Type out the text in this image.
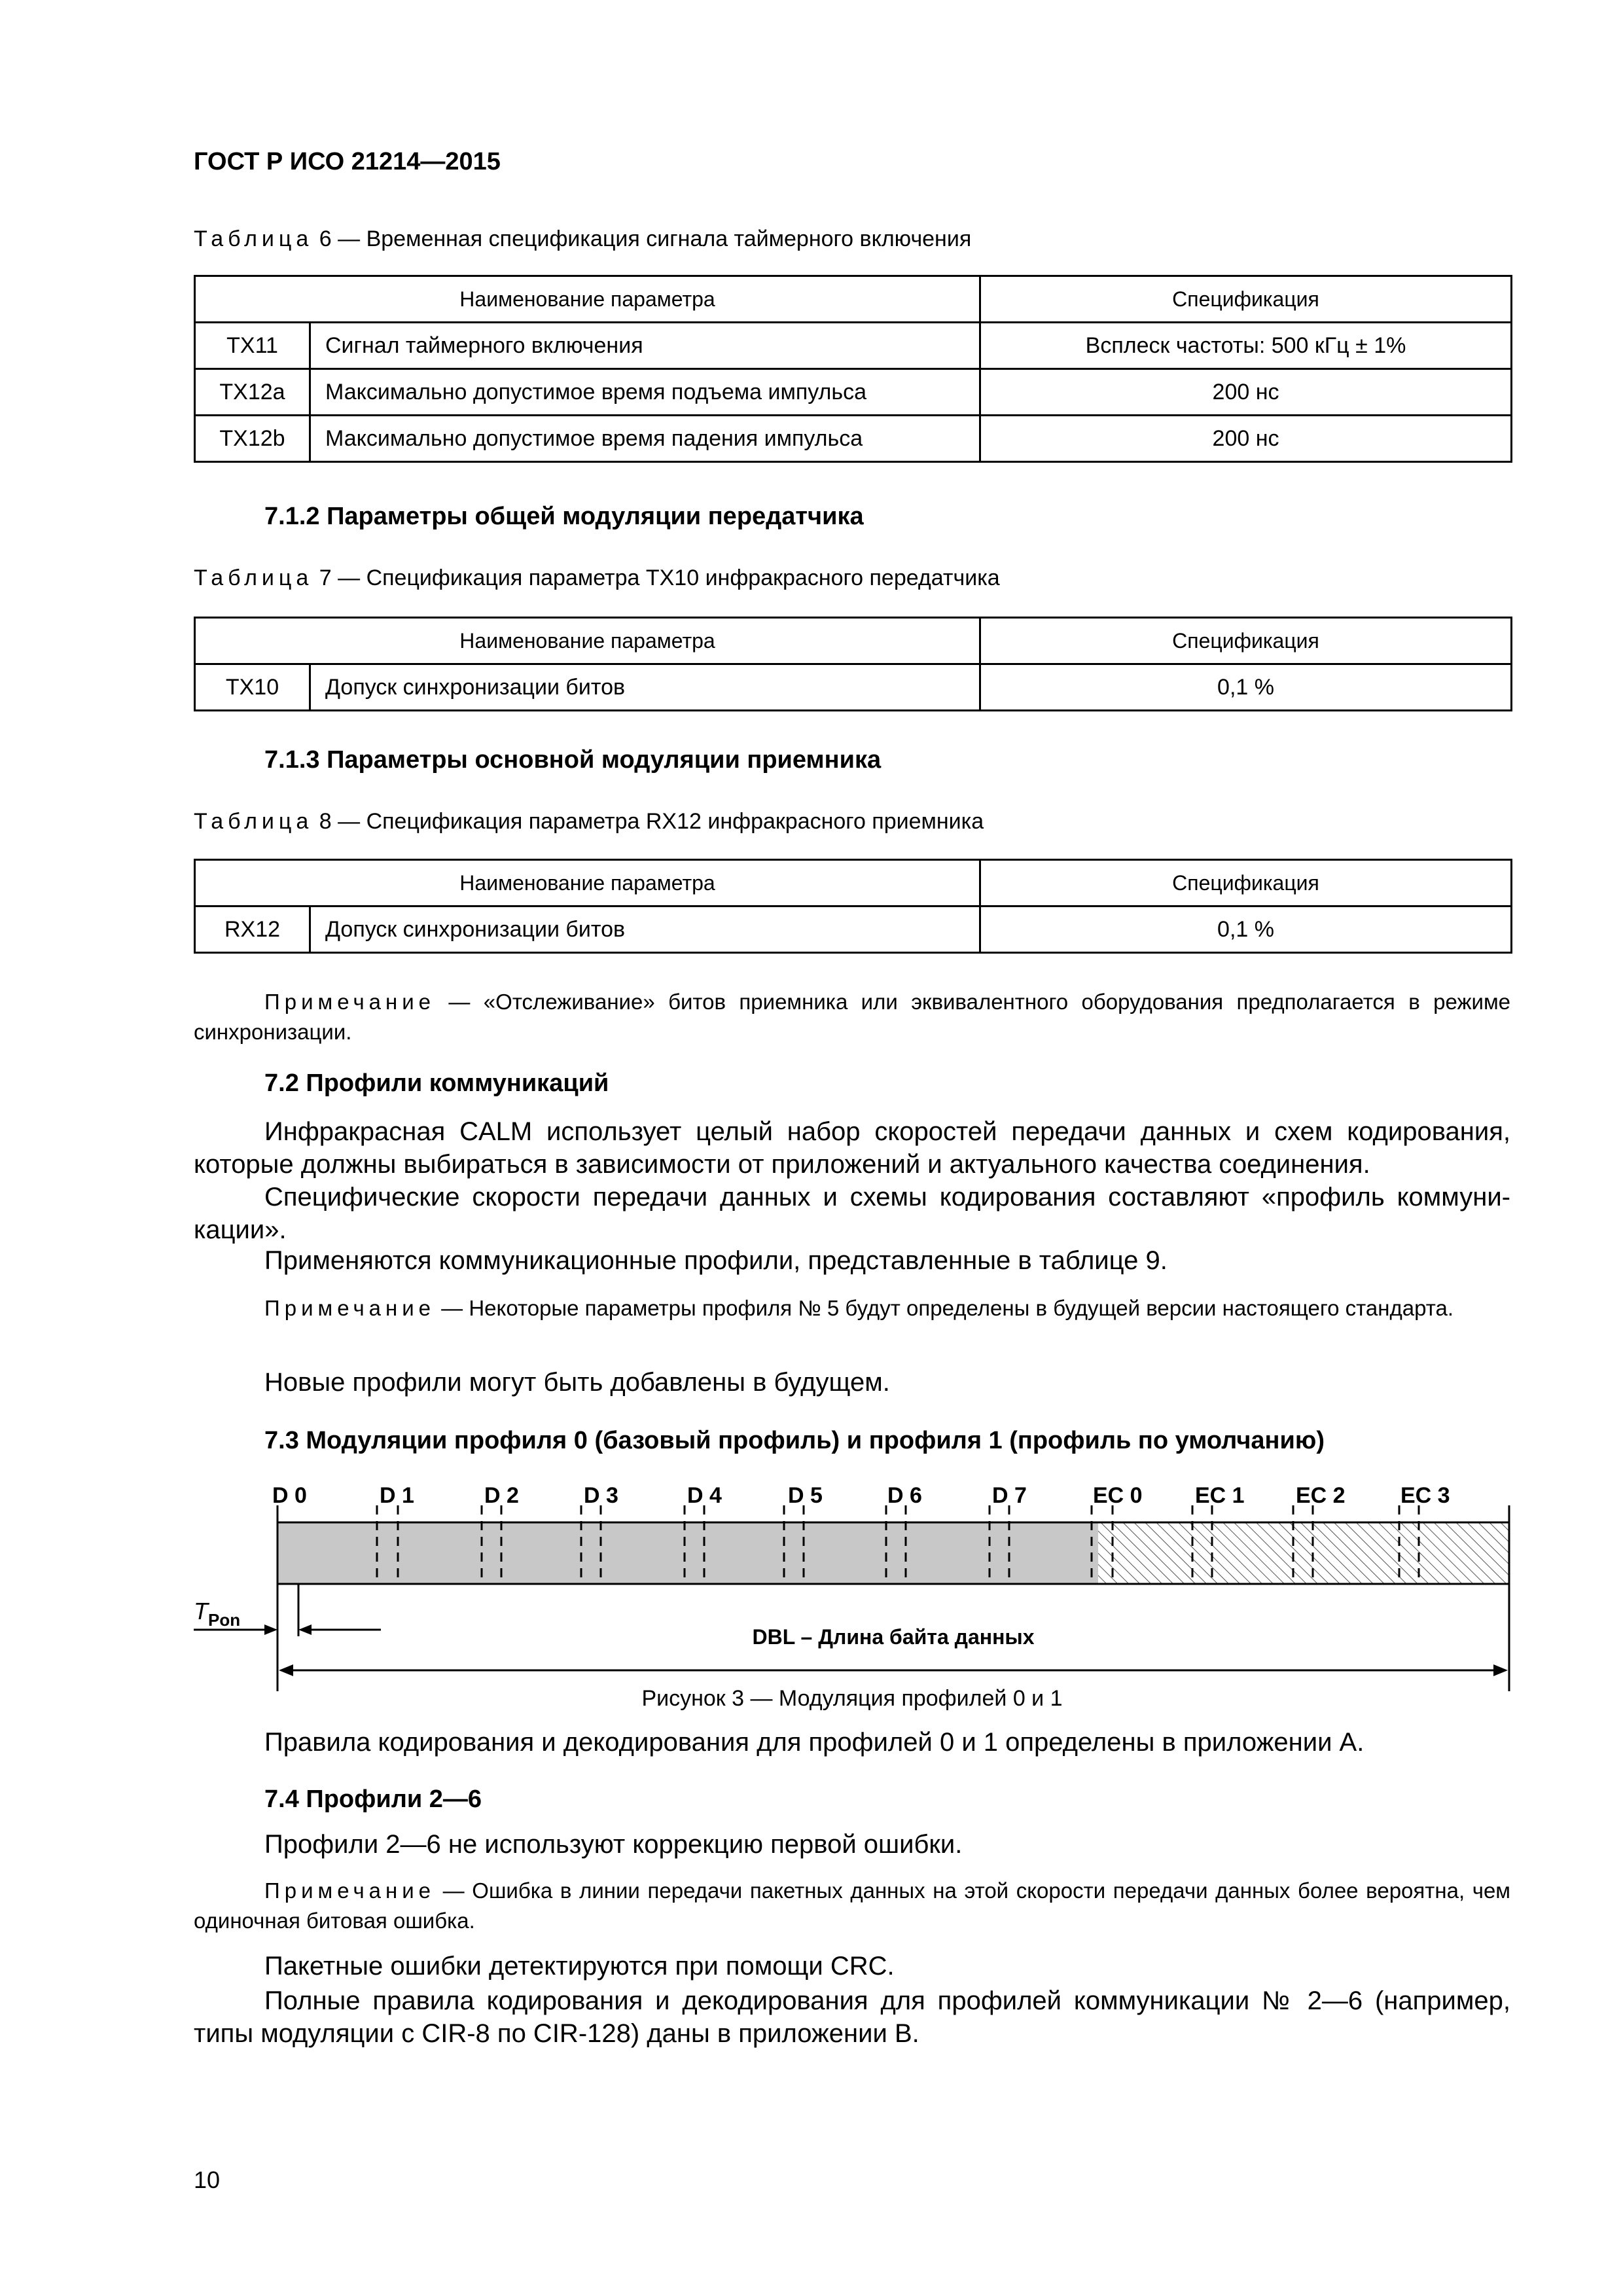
ГОСТ Р ИСО 21214—2015
Таблица 6 — Временная спецификация сигнала таймерного включения
Наименование параметра		Спецификация
TX11	Сигнал таймерного включения	Всплеск частоты: 500 кГц ± 1%
TX12a	Максимально допустимое время подъема импульса	200 нс
TX12b	Максимально допустимое время падения импульса	200 нс
7.1.2 Параметры общей модуляции передатчика
Таблица 7 — Спецификация параметра TX10 инфракрасного передатчика
Наименование параметра		Спецификация
TX10	Допуск синхронизации битов	0,1 %
7.1.3 Параметры основной модуляции приемника
Таблица 8 — Спецификация параметра RX12 инфракрасного приемника
Наименование параметра		Спецификация
RX12	Допуск синхронизации битов	0,1 %
Примечание — «Отслеживание» битов приемника или эквивалентного оборудования предполагается в режиме синхронизации.
7.2 Профили коммуникаций
Инфракрасная CALM использует целый набор скоростей передачи данных и схем кодирования, которые должны выбираться в зависимости от приложений и актуального качества соединения.
Специфические скорости передачи данных и схемы кодирования составляют «профиль коммуни-кации».
Применяются коммуникационные профили, представленные в таблице 9.
Примечание — Некоторые параметры профиля № 5 будут определены в будущей версии настоящего стандарта.
Новые профили могут быть добавлены в будущем.
7.3 Модуляции профиля 0 (базовый профиль) и профиля 1 (профиль по умолчанию)
D 0	D 1	D 2	D 3	D 4	D 5	D 6	D 7	EC 0 EC 1 EC 2 EC 3
$T_{Pon}$
DBL – Длина байта данных
Рисунок 3 — Модуляция профилей 0 и 1
Правила кодирования и декодирования для профилей 0 и 1 определены в приложении А.
7.4 Профили 2—6
Профили 2—6 не используют коррекцию первой ошибки.
Примечание — Ошибка в линии передачи пакетных данных на этой скорости передачи данных более вероятна, чем одиночная битовая ошибка.
Пакетные ошибки детектируются при помощи CRC.
Полные правила кодирования и декодирования для профилей коммуникации № 2—6 (например, типы модуляции с CIR-8 по CIR-128) даны в приложении В.
10
